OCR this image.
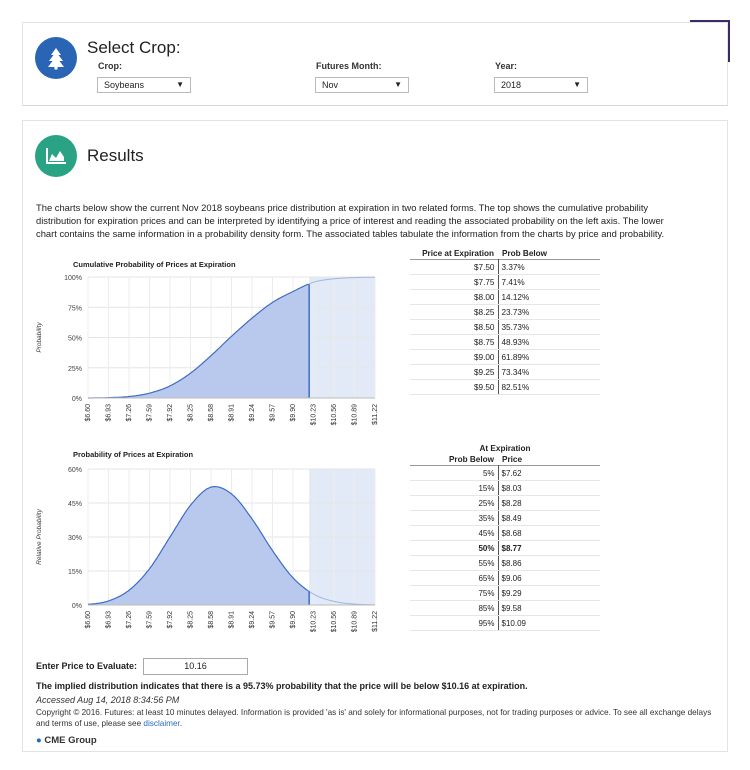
Select Crop:
Crop:
Soybeans	▼
Futures Month:
Nov	▼
Year:
2018	▼
Results
The charts below show the current Nov 2018 soybeans price distribution at expiration in two related forms. The top shows the cumulative probability distribution for expiration prices and can be interpreted by identifying a price of interest and reading the associated probability on the left axis. The lower chart contains the same information in a probability density form. The associated tables tabulate the information from the charts by price and probability.
Cumulative Probability of Prices at Expiration
100%
75%
50%
25%
0%
$6.60 $6.93 $7.26 $7.59 $7.92 $8.25 $8.58 $8.91 $9.24 $9.57 $9.90 $10.23 $10.56 $10.89 $11.22
Probability
Price at Expiration	Prob Below
$7.50	3.37%
$7.75	7.41%
$8.00	14.12%
$8.25	23.73%
$8.50	35.73%
$8.75	48.93%
$9.00	61.89%
$9.25	73.34%
$9.50	82.51%
Probability of Prices at Expiration
60%
45%
30%
15%
0%
$6.60 $6.93 $7.26 $7.59 $7.92 $8.25 $8.58 $8.91 $9.24 $9.57 $9.90 $10.23 $10.56 $10.89 $11.22
Relative Probability
At Expiration	
Prob Below	Price
5%	$7.62
15%	$8.03
25%	$8.28
35%	$8.49
45%	$8.68
50%	$8.77
55%	$8.86
65%	$9.06
75%	$9.29
85%	$9.58
95%	$10.09
Enter Price to Evaluate:	10.16
The implied distribution indicates that there is a 95.73% probability that the price will be below $10.16 at expiration.
Accessed Aug 14, 2018 8:34:56 PM
Copyright © 2016. Futures: at least 10 minutes delayed. Information is provided 'as is' and solely for informational purposes, not for trading purposes or advice. To see all exchange delays and terms of use, please see disclaimer.
● CME Group
